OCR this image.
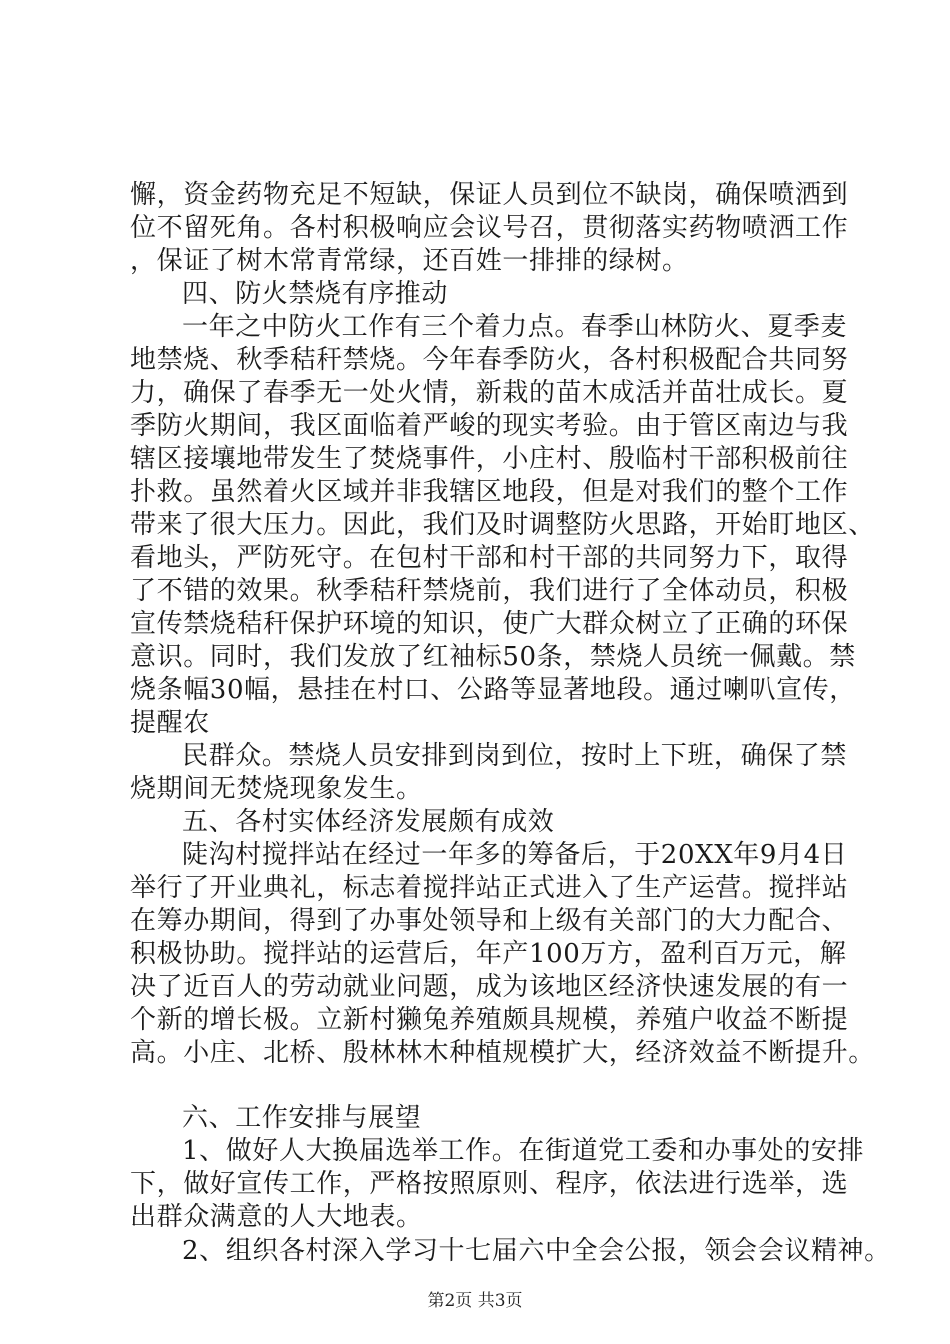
懈，资金药物充足不短缺，保证人员到位不缺岗，确保喷洒到
位不留死角。各村积极响应会议号召，贯彻落实药物喷洒工作
，保证了树木常青常绿，还百姓一排排的绿树。
四、防火禁烧有序推动
一年之中防火工作有三个着力点。春季山林防火、夏季麦
地禁烧、秋季秸秆禁烧。今年春季防火，各村积极配合共同努
力，确保了春季无一处火情，新栽的苗木成活并苗壮成长。夏
季防火期间，我区面临着严峻的现实考验。由于管区南边与我
辖区接壤地带发生了焚烧事件，小庄村、殷临村干部积极前往
扑救。虽然着火区域并非我辖区地段，但是对我们的整个工作
带来了很大压力。因此，我们及时调整防火思路，开始盯地区、
看地头，严防死守。在包村干部和村干部的共同努力下，取得
了不错的效果。秋季秸秆禁烧前，我们进行了全体动员，积极
宣传禁烧秸秆保护环境的知识，使广大群众树立了正确的环保
意识。同时，我们发放了红袖标50条，禁烧人员统一佩戴。禁
烧条幅30幅，悬挂在村口、公路等显著地段。通过喇叭宣传，
提醒农
民群众。禁烧人员安排到岗到位，按时上下班，确保了禁
烧期间无焚烧现象发生。
五、各村实体经济发展颇有成效
陡沟村搅拌站在经过一年多的筹备后，于20XX年9月4日
举行了开业典礼，标志着搅拌站正式进入了生产运营。搅拌站
在筹办期间，得到了办事处领导和上级有关部门的大力配合、
积极协助。搅拌站的运营后，年产100万方，盈利百万元，解
决了近百人的劳动就业问题，成为该地区经济快速发展的有一
个新的增长极。立新村獭兔养殖颇具规模，养殖户收益不断提
高。小庄、北桥、殷林林木种植规模扩大，经济效益不断提升。
六、工作安排与展望
1、做好人大换届选举工作。在街道党工委和办事处的安排
下，做好宣传工作，严格按照原则、程序，依法进行选举，选
出群众满意的人大地表。
2、组织各村深入学习十七届六中全会公报，领会会议精神。
第2页 共3页
